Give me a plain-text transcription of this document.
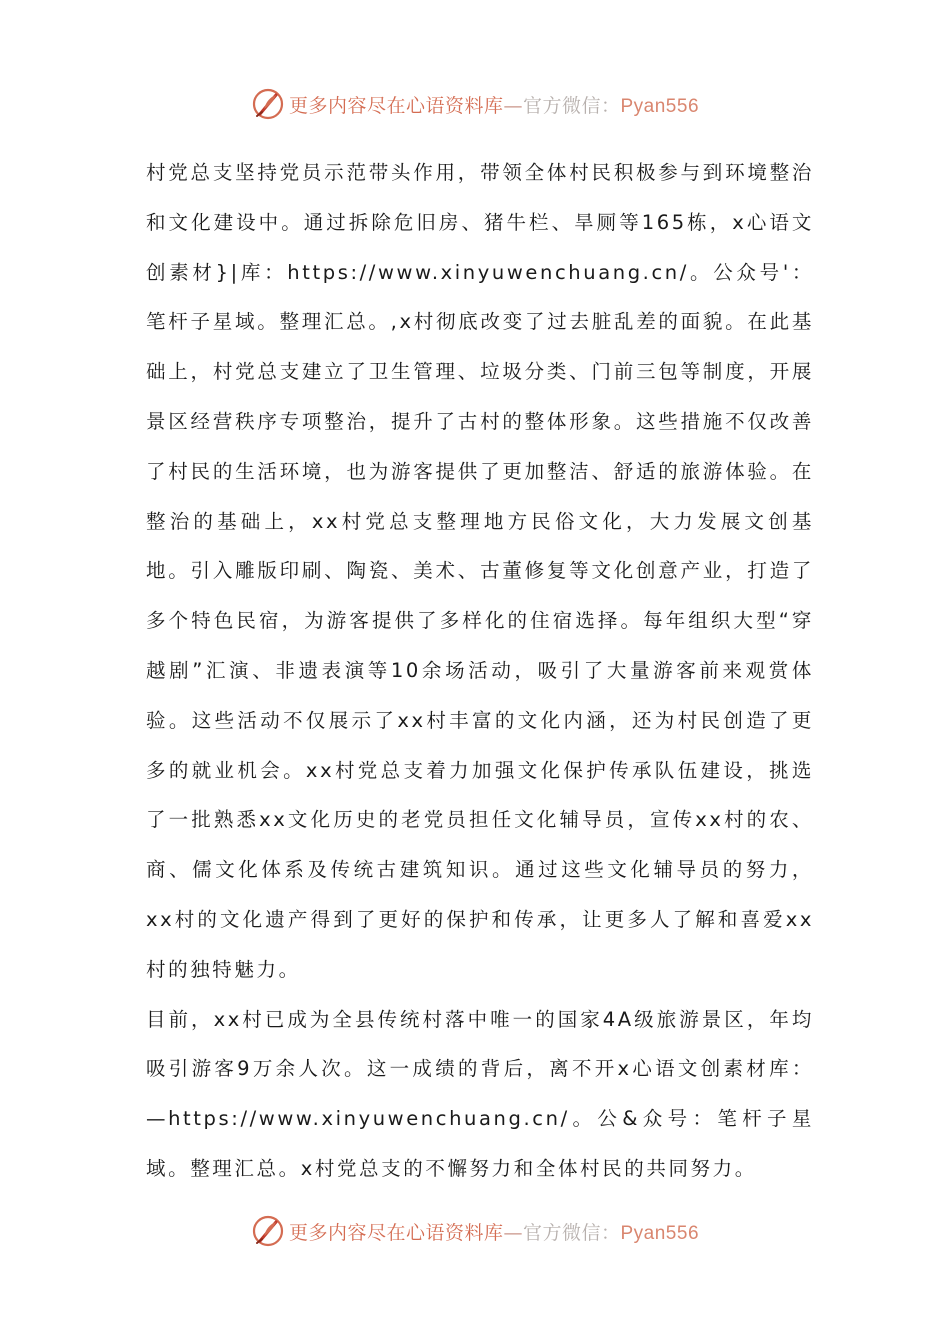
更多内容尽在心语资料库—官方微信：Pyan556

村党总支坚持党员示范带头作用，带领全体村民积极参与到环境整治和文化建设中。通过拆除危旧房、猪牛栏、旱厕等165栋，x心语文创素材}|库：https://www.xinyuwenchuang.cn/。公众号'：笔杆子星域。整理汇总。,x村彻底改变了过去脏乱差的面貌。在此基础上，村党总支建立了卫生管理、垃圾分类、门前三包等制度，开展景区经营秩序专项整治，提升了古村的整体形象。这些措施不仅改善了村民的生活环境，也为游客提供了更加整洁、舒适的旅游体验。在整治的基础上，xx村党总支整理地方民俗文化，大力发展文创基地。引入雕版印刷、陶瓷、美术、古董修复等文化创意产业，打造了多个特色民宿，为游客提供了多样化的住宿选择。每年组织大型“穿越剧”汇演、非遗表演等10余场活动，吸引了大量游客前来观赏体验。这些活动不仅展示了xx村丰富的文化内涵，还为村民创造了更多的就业机会。xx村党总支着力加强文化保护传承队伍建设，挑选了一批熟悉xx文化历史的老党员担任文化辅导员，宣传xx村的农、商、儒文化体系及传统古建筑知识。通过这些文化辅导员的努力，xx村的文化遗产得到了更好的保护和传承，让更多人了解和喜爱xx村的独特魅力。

目前，xx村已成为全县传统村落中唯一的国家4A级旅游景区，年均吸引游客9万余人次。这一成绩的背后，离不开x心语文创素材库：—https://www.xinyuwenchuang.cn/。公&众号：笔杆子星域。整理汇总。x村党总支的不懈努力和全体村民的共同努力。

更多内容尽在心语资料库—官方微信：Pyan556
